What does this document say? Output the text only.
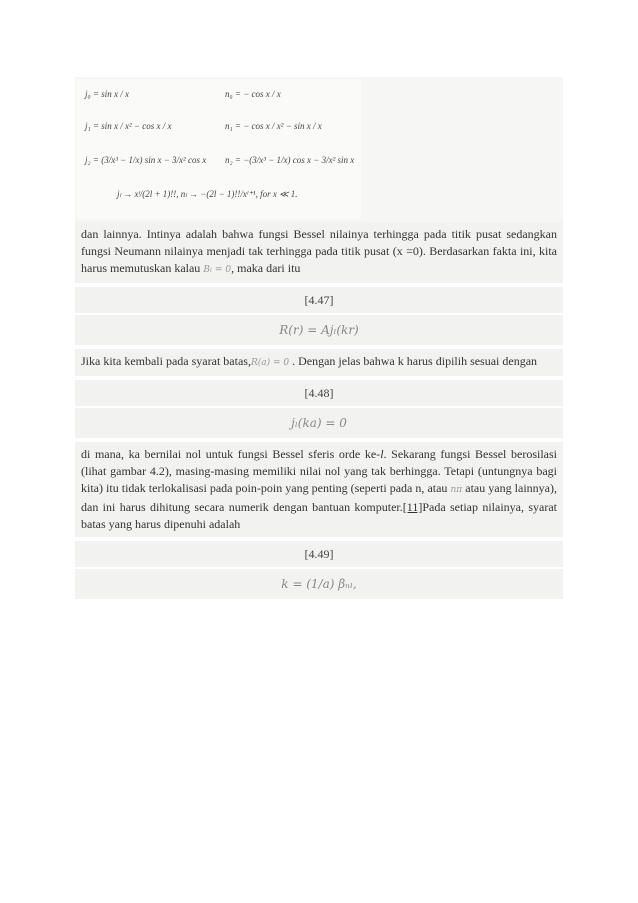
j₀ = sin x / x	n₀ = − cos x / x
j₁ = sin x / x² − cos x / x	n₁ = − cos x / x² − sin x / x
j₂ = (3/x³ − 1/x) sin x − 3/x² cos x n₂ = −(3/x³ − 1/x) cos x − 3/x² sin x
jₗ → xˡ/(2l + 1)!!, nₗ → −(2l − 1)!!/xˡ⁺¹, for x ≪ 1.
dan lainnya. Intinya adalah bahwa fungsi Bessel nilainya terhingga pada titik pusat sedangkan fungsi Neumann nilainya menjadi tak terhingga pada titik pusat (x =0). Berdasarkan fakta ini, kita harus memutuskan kalau Bₗ = 0, maka dari itu
[4.47]
R(r) = Ajₗ(kr)
Jika kita kembali pada syarat batas,R(a) = 0 . Dengan jelas bahwa k harus dipilih sesuai dengan
[4.48]
jₗ(ka) = 0
di mana, ka bernilai nol untuk fungsi Bessel sferis orde ke-l. Sekarang fungsi Bessel berosilasi (lihat gambar 4.2), masing-masing memiliki nilai nol yang tak berhingga. Tetapi (untungnya bagi kita) itu tidak terlokalisasi pada poin-poin yang penting (seperti pada n, atau nπ atau yang lainnya), dan ini harus dihitung secara numerik dengan bantuan komputer.[11]Pada setiap nilainya, syarat batas yang harus dipenuhi adalah
[4.49]
k = (1/a) βₙₗ,
